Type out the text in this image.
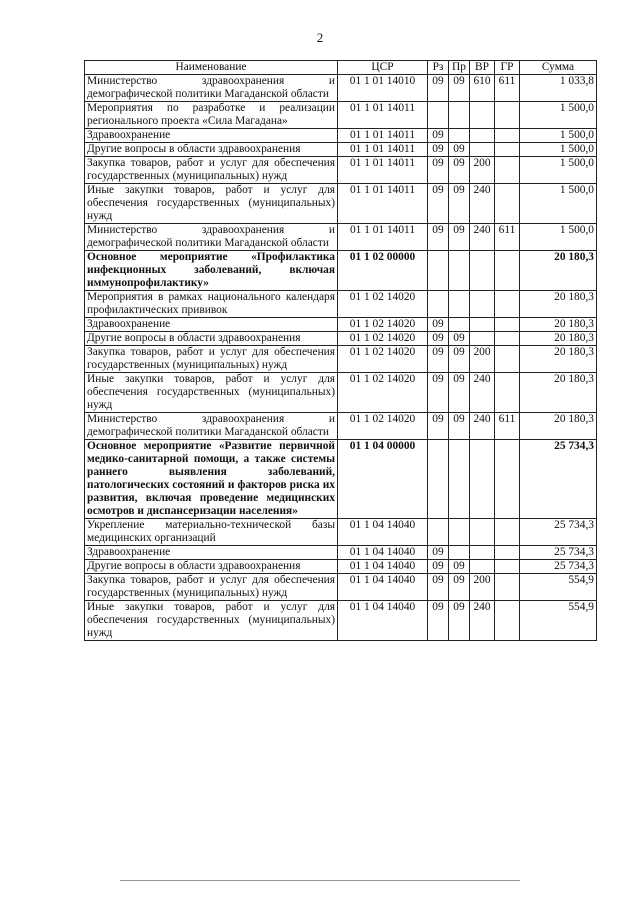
2
Наименование	ЦСР	Рз	Пр	ВР	ГР	Сумма
Министерство здравоохранения и демографической политики Магаданской области	01 1 01 14010	09	09	610	611	1 033,8
Мероприятия по разработке и реализации регионального проекта «Сила Магадана»	01 1 01 14011					1 500,0
Здравоохранение	01 1 01 14011	09				1 500,0
Другие вопросы в области здравоохранения	01 1 01 14011	09	09			1 500,0
Закупка товаров, работ и услуг для обеспечения государственных (муниципальных) нужд	01 1 01 14011	09	09	200		1 500,0
Иные закупки товаров, работ и услуг для обеспечения государственных (муниципальных) нужд	01 1 01 14011	09	09	240		1 500,0
Министерство здравоохранения и демографической политики Магаданской области	01 1 01 14011	09	09	240	611	1 500,0
Основное мероприятие «Профилактика инфекционных заболеваний, включая иммунопрофилактику»	01 1 02 00000					20 180,3
Мероприятия в рамках национального календаря профилактических прививок	01 1 02 14020					20 180,3
Здравоохранение	01 1 02 14020	09				20 180,3
Другие вопросы в области здравоохранения	01 1 02 14020	09	09			20 180,3
Закупка товаров, работ и услуг для обеспечения государственных (муниципальных) нужд	01 1 02 14020	09	09	200		20 180,3
Иные закупки товаров, работ и услуг для обеспечения государственных (муниципальных) нужд	01 1 02 14020	09	09	240		20 180,3
Министерство здравоохранения и демографической политики Магаданской области	01 1 02 14020	09	09	240	611	20 180,3
Основное мероприятие «Развитие первичной медико-санитарной помощи, а также системы раннего выявления заболеваний, патологических состояний и факторов риска их развития, включая проведение медицинских осмотров и диспансеризации населения»	01 1 04 00000					25 734,3
Укрепление материально-технической базы медицинских организаций	01 1 04 14040					25 734,3
Здравоохранение	01 1 04 14040	09				25 734,3
Другие вопросы в области здравоохранения	01 1 04 14040	09	09			25 734,3
Закупка товаров, работ и услуг для обеспечения государственных (муниципальных) нужд	01 1 04 14040	09	09	200		554,9
Иные закупки товаров, работ и услуг для обеспечения государственных (муниципальных) нужд	01 1 04 14040	09	09	240		554,9
